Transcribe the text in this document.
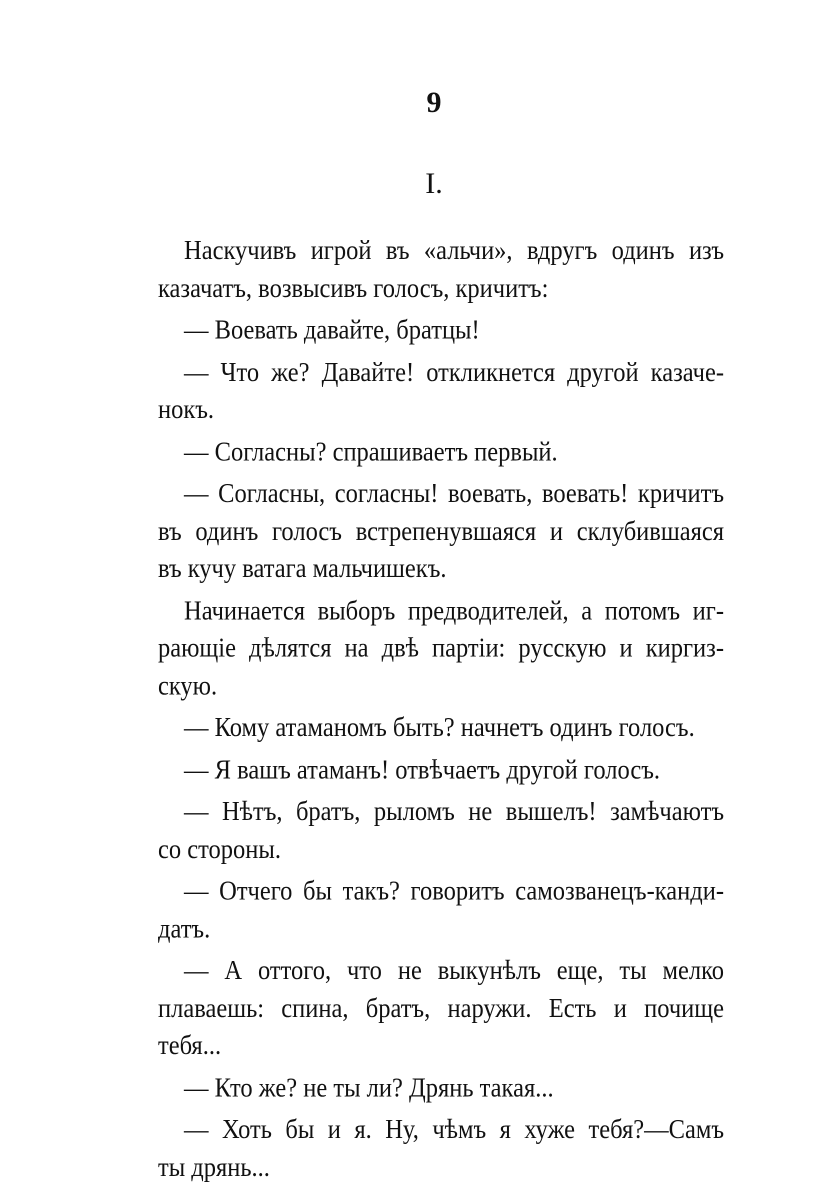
9
I.
Наскучивъ игрой въ «альчи», вдругъ одинъ изъ
казачатъ, возвысивъ голосъ, кричитъ:
— Воевать давайте, братцы!
— Что же? Давайте! откликнется другой казаче-
нокъ.
— Согласны? спрашиваетъ первый.
— Согласны, согласны! воевать, воевать! кричитъ
въ одинъ голосъ встрепенувшаяся и склубившаяся
въ кучу ватага мальчишекъ.
Начинается выборъ предводителей, а потомъ иг-
рающіе дѣлятся на двѣ партіи: русскую и киргиз-
скую.
— Кому атаманомъ быть? начнетъ одинъ голосъ.
— Я вашъ атаманъ! отвѣчаетъ другой голосъ.
— Нѣтъ, братъ, рыломъ не вышелъ! замѣчаютъ
со стороны.
— Отчего бы такъ? говоритъ самозванецъ-канди-
датъ.
— А оттого, что не выкунѣлъ еще, ты мелко
плаваешь: спина, братъ, наружи. Есть и почище
тебя...
— Кто же? не ты ли? Дрянь такая...
— Хоть бы и я. Ну, чѣмъ я хуже тебя?—Самъ
ты дрянь...
